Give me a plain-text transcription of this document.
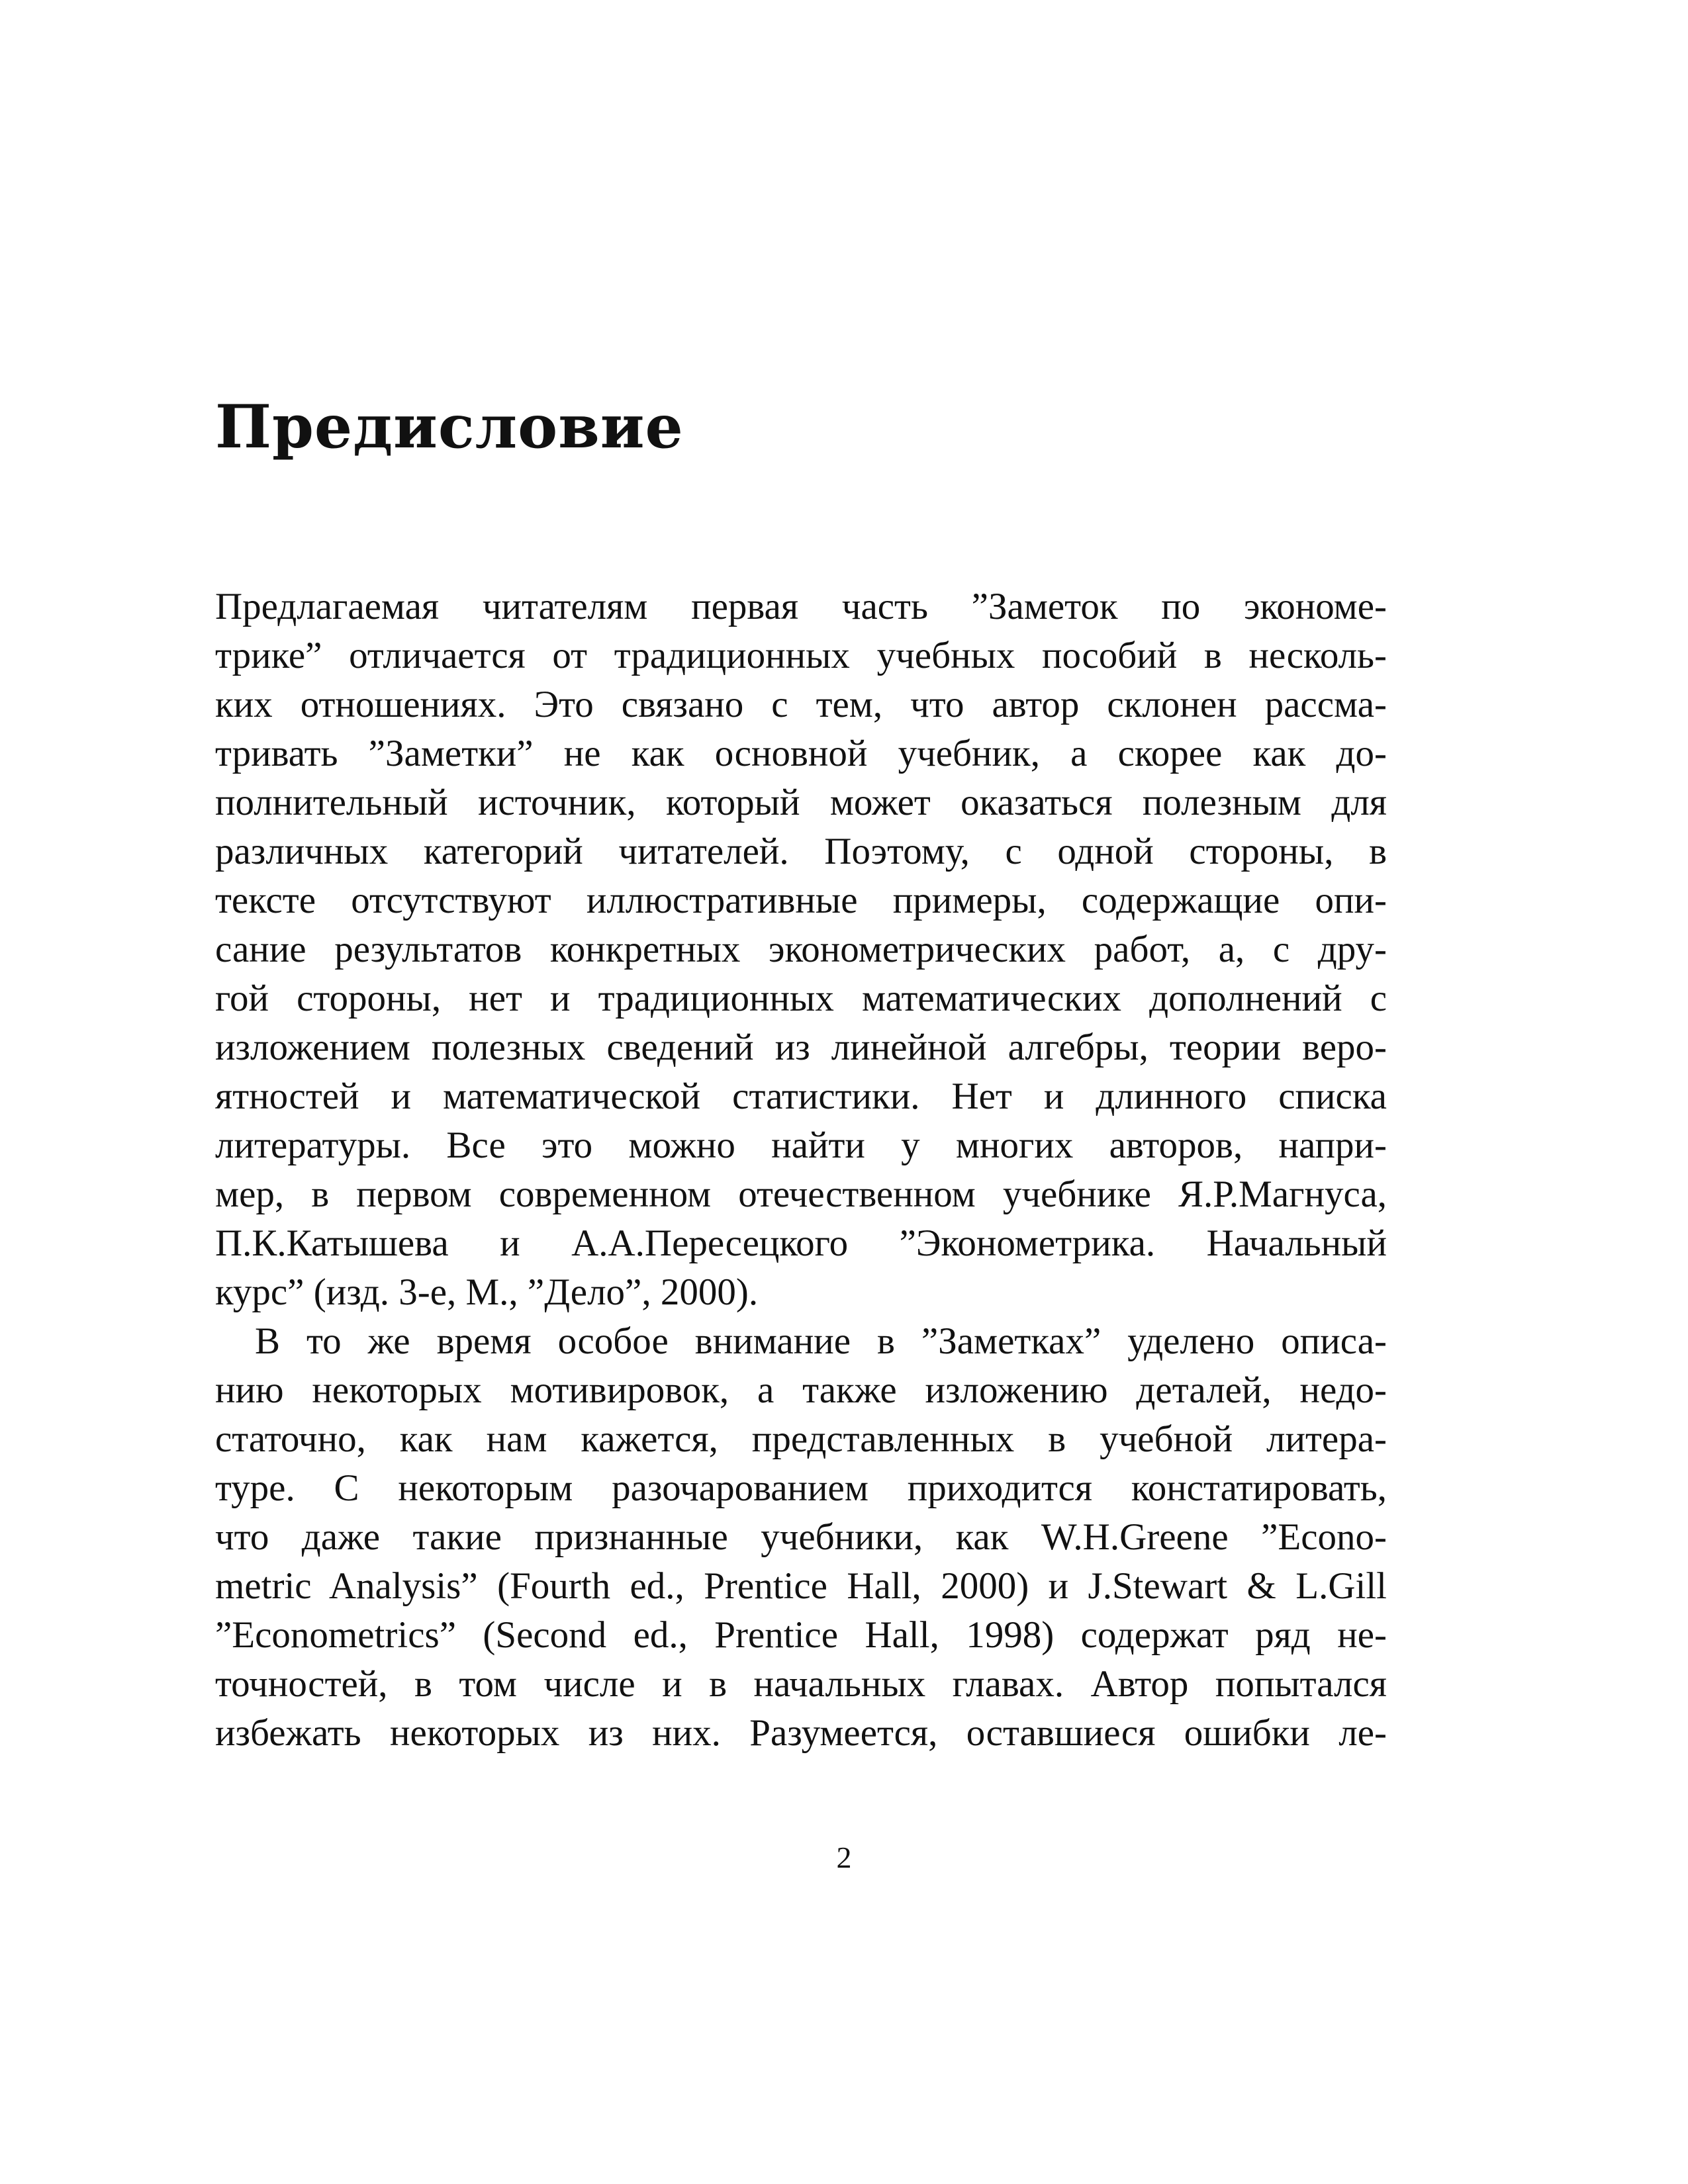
Предисловие
Предлагаемая читателям первая часть ”Заметок по экономе-
трике” отличается от традиционных учебных пособий в несколь-
ких отношениях. Это связано с тем, что автор склонен рассма-
тривать ”Заметки” не как основной учебник, а скорее как до-
полнительный источник, который может оказаться полезным для
различных категорий читателей. Поэтому, с одной стороны, в
тексте отсутствуют иллюстративные примеры, содержащие опи-
сание результатов конкретных эконометрических работ, а, с дру-
гой стороны, нет и традиционных математических дополнений с
изложением полезных сведений из линейной алгебры, теории веро-
ятностей и математической статистики. Нет и длинного списка
литературы. Все это можно найти у многих авторов, напри-
мер, в первом современном отечественном учебнике Я.Р.Магнуса,
П.К.Катышева и А.А.Пересецкого ”Эконометрика. Начальный
курс” (изд. 3-е, М., ”Дело”, 2000).
В то же время особое внимание в ”Заметках” уделено описа-
нию некоторых мотивировок, а также изложению деталей, недо-
статочно, как нам кажется, представленных в учебной литера-
туре. С некоторым разочарованием приходится констатировать,
что даже такие признанные учебники, как W.H.Greene ”Econo-
metric Analysis” (Fourth ed., Prentice Hall, 2000) и J.Stewart & L.Gill
”Econometrics” (Second ed., Prentice Hall, 1998) содержат ряд не-
точностей, в том числе и в начальных главах. Автор попытался
избежать некоторых из них. Разумеется, оставшиеся ошибки ле-
2
